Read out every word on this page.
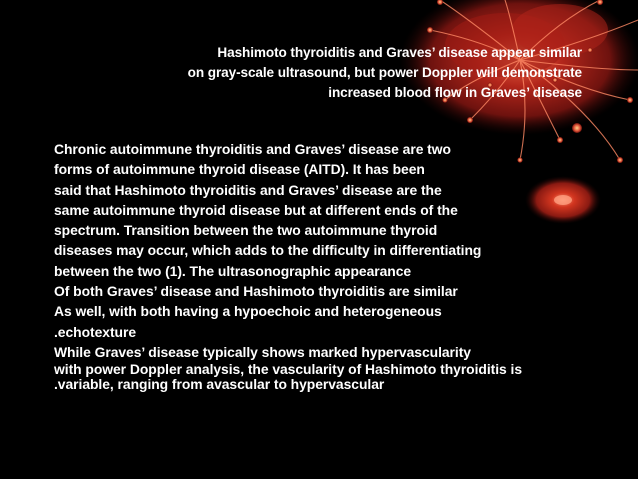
Hashimoto thyroiditis and Graves’ disease appear similar
on gray-scale ultrasound, but power Doppler will demonstrate
increased blood flow in Graves’ disease
Chronic autoimmune thyroiditis and Graves’ disease are two
forms of autoimmune thyroid disease (AITD). It has been
said that Hashimoto thyroiditis and Graves’ disease are the
same autoimmune thyroid disease but at different ends of the
spectrum. Transition between the two autoimmune thyroid
diseases may occur, which adds to the difficulty in differentiating
between the two (1). The ultrasonographic appearance
Of both Graves’ disease and Hashimoto thyroiditis are similar
As well, with both having a hypoechoic and heterogeneous
.echotexture
While Graves’ disease typically shows marked hypervascularity
with power Doppler analysis, the vascularity of Hashimoto thyroiditis is
.variable, ranging from avascular to hypervascular
